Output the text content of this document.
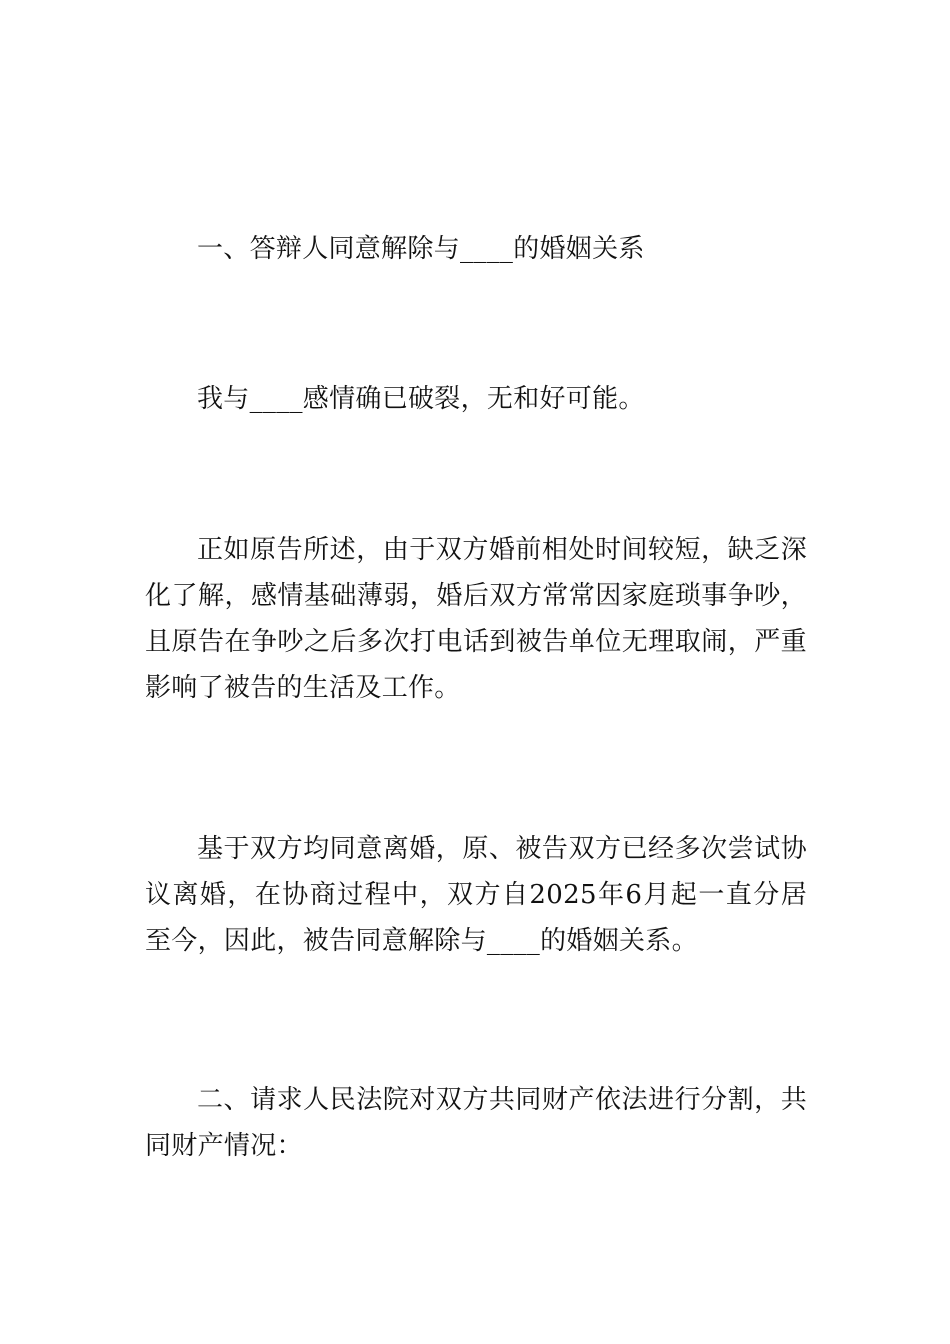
一、答辩人同意解除与____的婚姻关系

我与____感情确已破裂，无和好可能。

正如原告所述，由于双方婚前相处时间较短，缺乏深化了解，感情基础薄弱，婚后双方常常因家庭琐事争吵，且原告在争吵之后多次打电话到被告单位无理取闹，严重影响了被告的生活及工作。

基于双方均同意离婚，原、被告双方已经多次尝试协议离婚，在协商过程中，双方自2025年6月起一直分居至今，因此，被告同意解除与____的婚姻关系。

二、请求人民法院对双方共同财产依法进行分割，共同财产情况：
